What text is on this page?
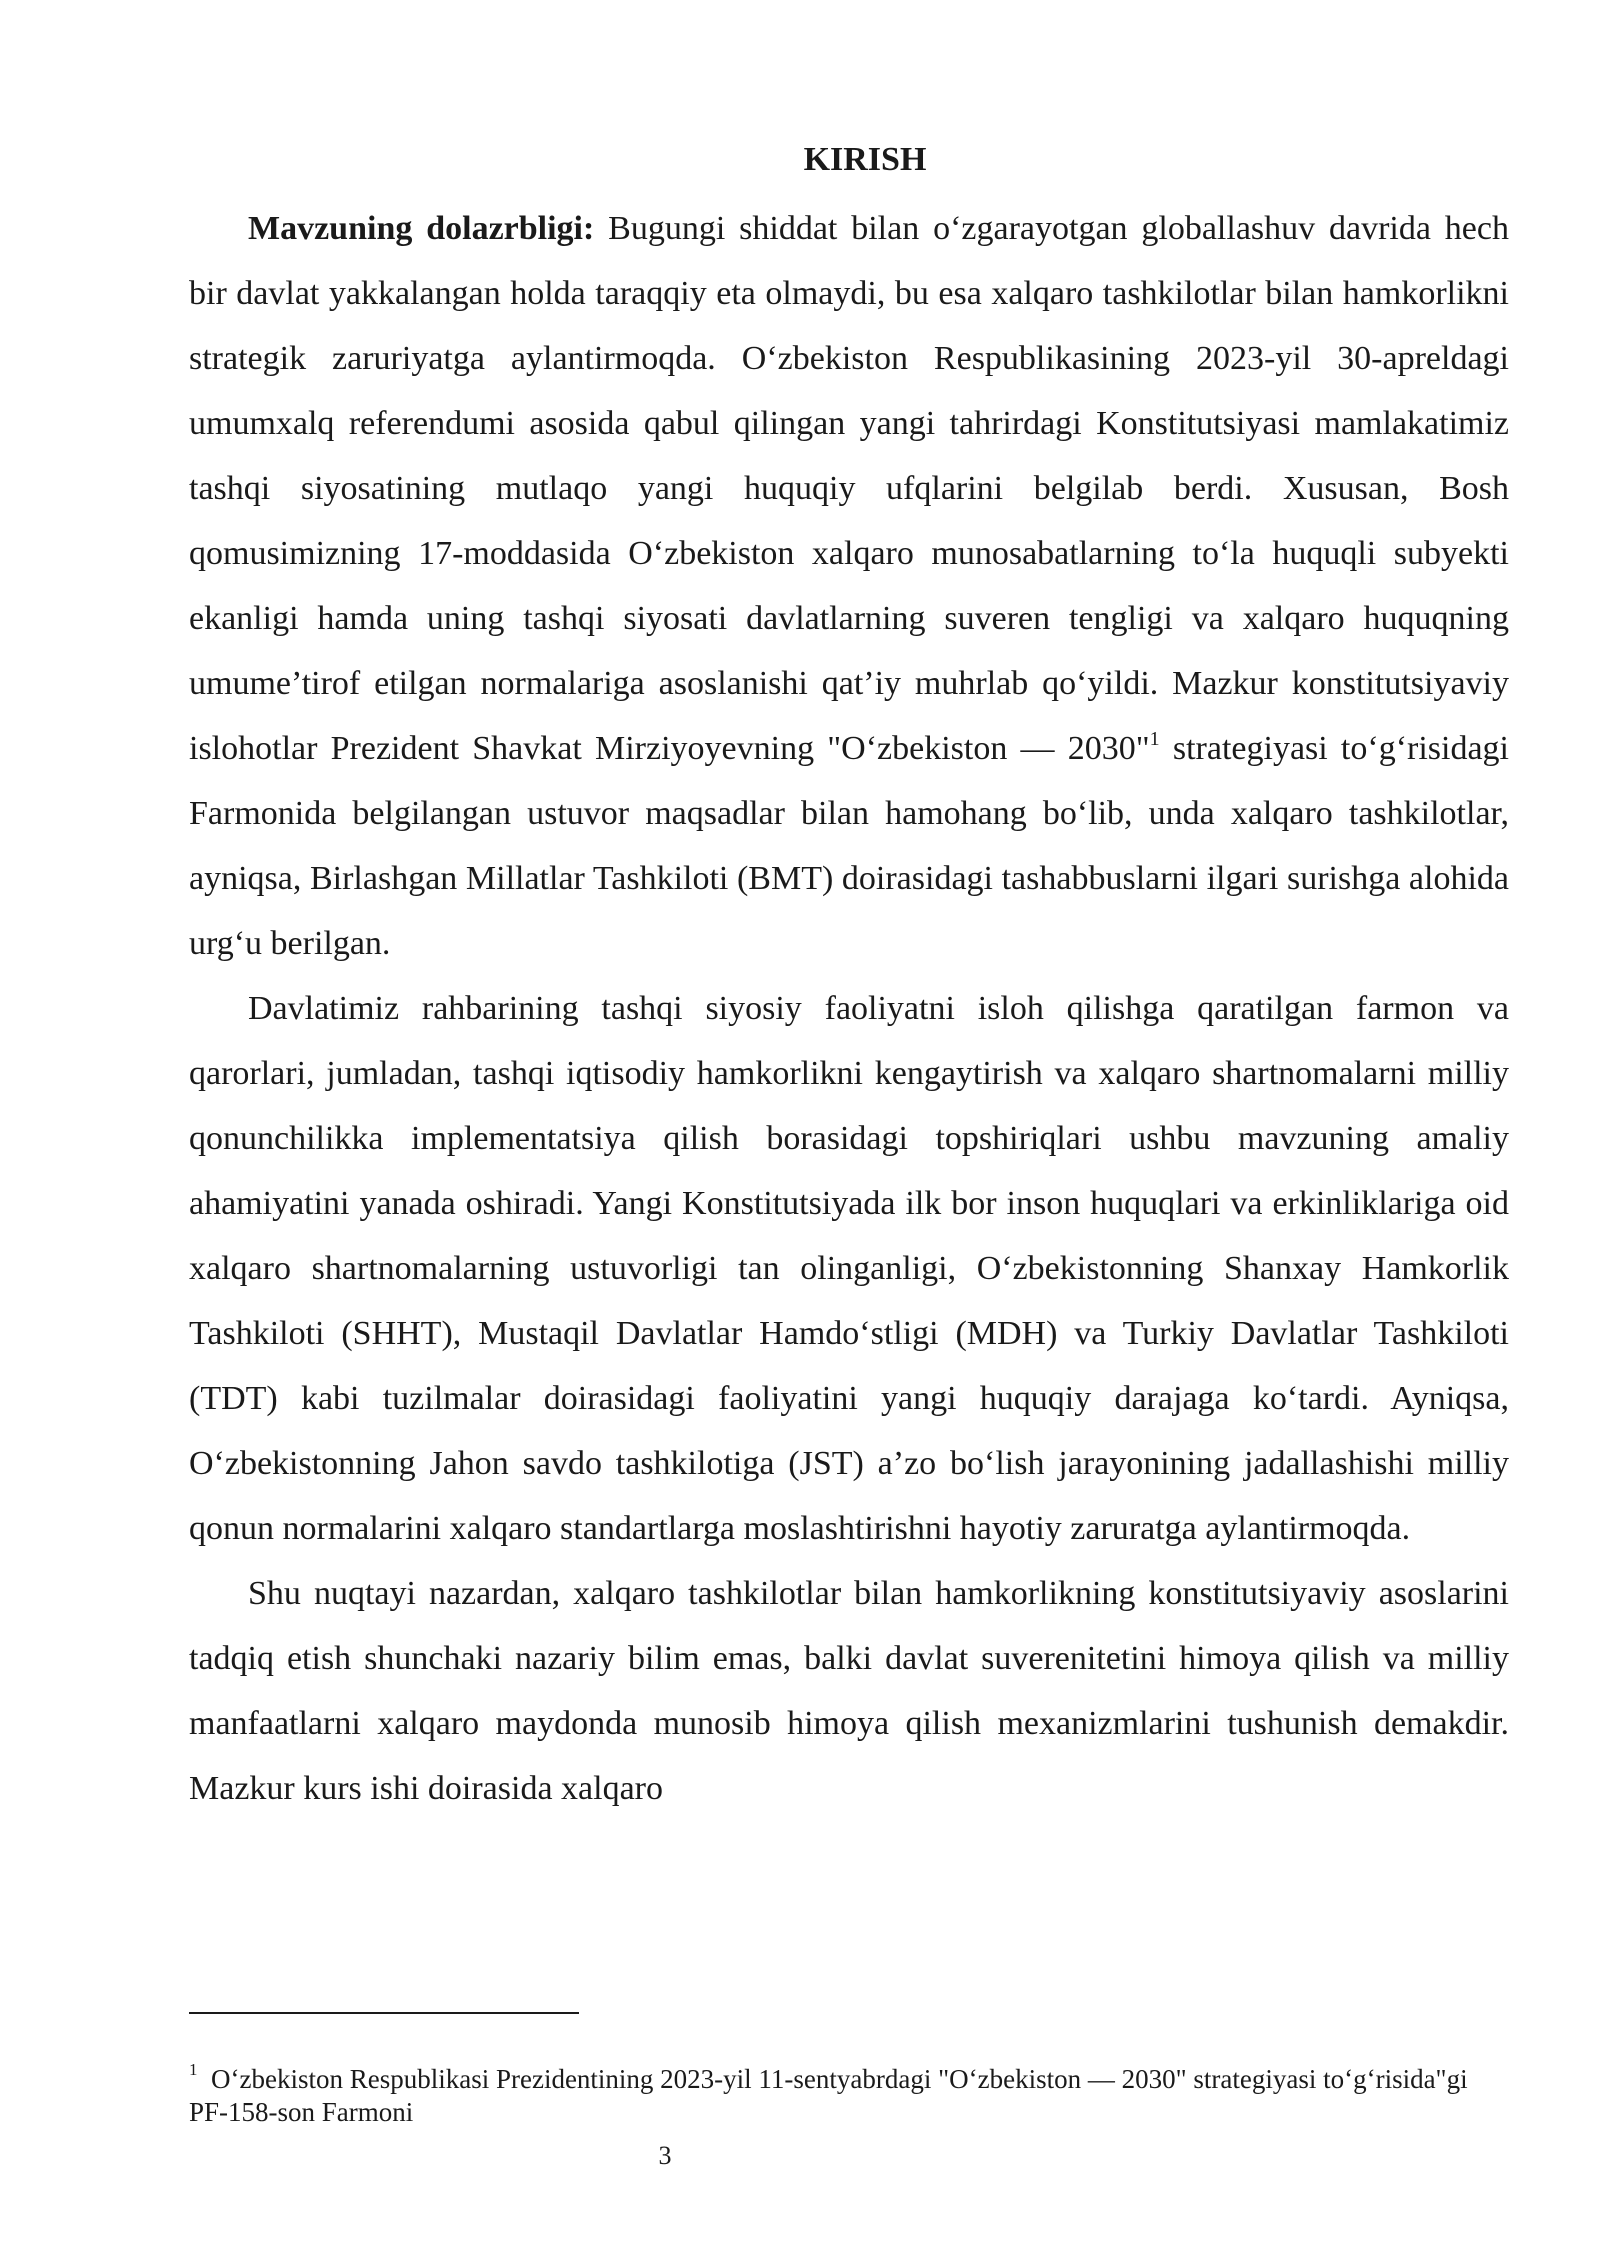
KIRISH

Mavzuning dolazrbligi: Bugungi shiddat bilan o‘zgarayotgan globallashuv davrida hech bir davlat yakkalangan holda taraqqiy eta olmaydi, bu esa xalqaro tashkilotlar bilan hamkorlikni strategik zaruriyatga aylantirmoqda. O‘zbekiston Respublikasining 2023-yil 30-apreldagi umumxalq referendumi asosida qabul qilingan yangi tahrirdagi Konstitutsiyasi mamlakatimiz tashqi siyosatining mutlaqo yangi huquqiy ufqlarini belgilab berdi. Xususan, Bosh qomusimizning 17-moddasida O‘zbekiston xalqaro munosabatlarning to‘la huquqli subyekti ekanligi hamda uning tashqi siyosati davlatlarning suveren tengligi va xalqaro huquqning umume’tirof etilgan normalariga asoslanishi qat’iy muhrlab qo‘yildi. Mazkur konstitutsiyaviy islohotlar Prezident Shavkat Mirziyoyevning "O‘zbekiston — 2030"$^1$ strategiyasi to‘g‘risidagi Farmonida belgilangan ustuvor maqsadlar bilan hamohang bo‘lib, unda xalqaro tashkilotlar, ayniqsa, Birlashgan Millatlar Tashkiloti (BMT) doirasidagi tashabbuslarni ilgari surishga alohida urg‘u berilgan.

Davlatimiz rahbarining tashqi siyosiy faoliyatni isloh qilishga qaratilgan farmon va qarorlari, jumladan, tashqi iqtisodiy hamkorlikni kengaytirish va xalqaro shartnomalarni milliy qonunchilikka implementatsiya qilish borasidagi topshiriqlari ushbu mavzuning amaliy ahamiyatini yanada oshiradi. Yangi Konstitutsiyada ilk bor inson huquqlari va erkinliklariga oid xalqaro shartnomalarning ustuvorligi tan olinganligi, O‘zbekistonning Shanxay Hamkorlik Tashkiloti (SHHT), Mustaqil Davlatlar Hamdo‘stligi (MDH) va Turkiy Davlatlar Tashkiloti (TDT) kabi tuzilmalar doirasidagi faoliyatini yangi huquqiy darajaga ko‘tardi. Ayniqsa, O‘zbekistonning Jahon savdo tashkilotiga (JST) a’zo bo‘lish jarayonining jadallashishi milliy qonun normalarini xalqaro standartlarga moslashtirishni hayotiy zaruratga aylantirmoqda.

Shu nuqtayi nazardan, xalqaro tashkilotlar bilan hamkorlikning konstitutsiyaviy asoslarini tadqiq etish shunchaki nazariy bilim emas, balki davlat suverenitetini himoya qilish va milliy manfaatlarni xalqaro maydonda munosib himoya qilish mexanizmlarini tushunish demakdir. Mazkur kurs ishi doirasida xalqaro

$^1$ O‘zbekiston Respublikasi Prezidentining 2023-yil 11-sentyabrdagi "O‘zbekiston — 2030" strategiyasi to‘g‘risida"gi PF-158-son Farmoni

3
